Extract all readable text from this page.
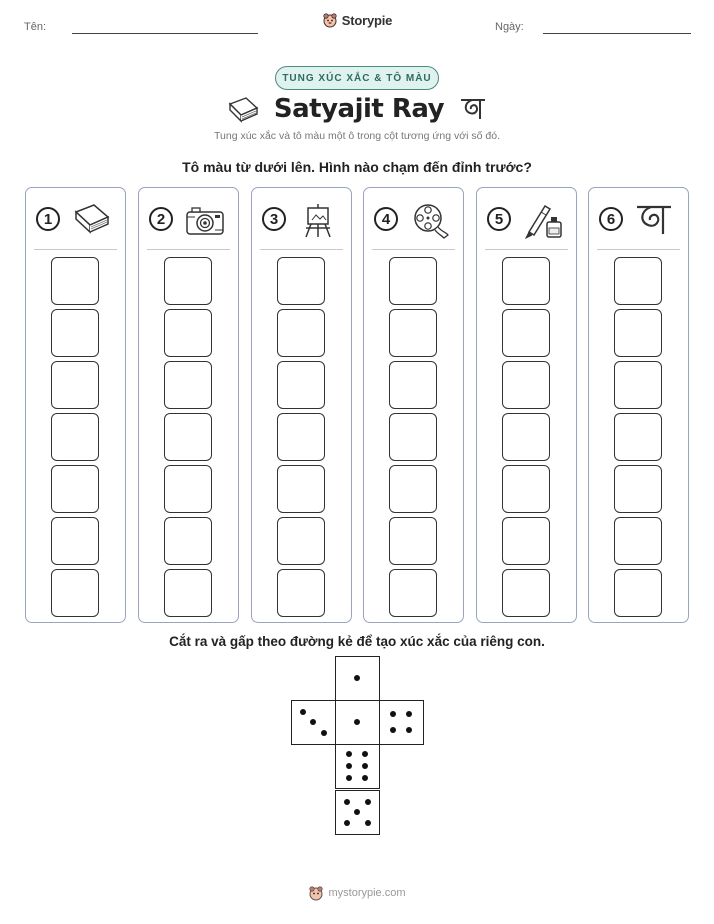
Tên:	Storypie	Ngày:
TUNG XÚC XẮC & TÔ MÀU
Satyajit Ray
Tung xúc xắc và tô màu một ô trong cột tương ứng với số đó.
Tô màu từ dưới lên. Hình nào chạm đến đỉnh trước?
1	2	3	4	5	6
Cắt ra và gấp theo đường kẻ để tạo xúc xắc của riêng con.
mystorypie.com
